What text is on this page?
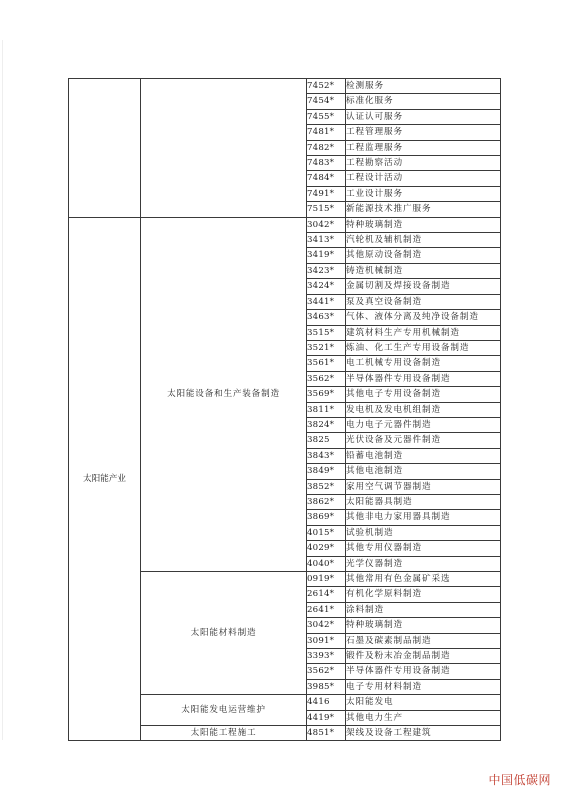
		7452*	检测服务
		7454*	标准化服务
		7455*	认证认可服务
		7481*	工程管理服务
		7482*	工程监理服务
		7483*	工程勘察活动
		7484*	工程设计活动
		7491*	工业设计服务
		7515*	新能源技术推广服务
太阳能产业	太阳能设备和生产装备制造	3042*	特种玻璃制造
		3413*	汽轮机及辅机制造
		3419*	其他原动设备制造
		3423*	铸造机械制造
		3424*	金属切割及焊接设备制造
		3441*	泵及真空设备制造
		3463*	气体、液体分离及纯净设备制造
		3515*	建筑材料生产专用机械制造
		3521*	炼油、化工生产专用设备制造
		3561*	电工机械专用设备制造
		3562*	半导体器件专用设备制造
		3569*	其他电子专用设备制造
		3811*	发电机及发电机组制造
		3824*	电力电子元器件制造
		3825	光伏设备及元器件制造
		3843*	铅蓄电池制造
		3849*	其他电池制造
		3852*	家用空气调节器制造
		3862*	太阳能器具制造
		3869*	其他非电力家用器具制造
		4015*	试验机制造
		4029*	其他专用仪器制造
		4040*	光学仪器制造
	太阳能材料制造	0919*	其他常用有色金属矿采选
		2614*	有机化学原料制造
		2641*	涂料制造
		3042*	特种玻璃制造
		3091*	石墨及碳素制品制造
		3393*	锻件及粉末冶金制品制造
		3562*	半导体器件专用设备制造
		3985*	电子专用材料制造
	太阳能发电运营维护	4416	太阳能发电
		4419*	其他电力生产
	太阳能工程施工	4851*	架线及设备工程建筑
中国低碳网
